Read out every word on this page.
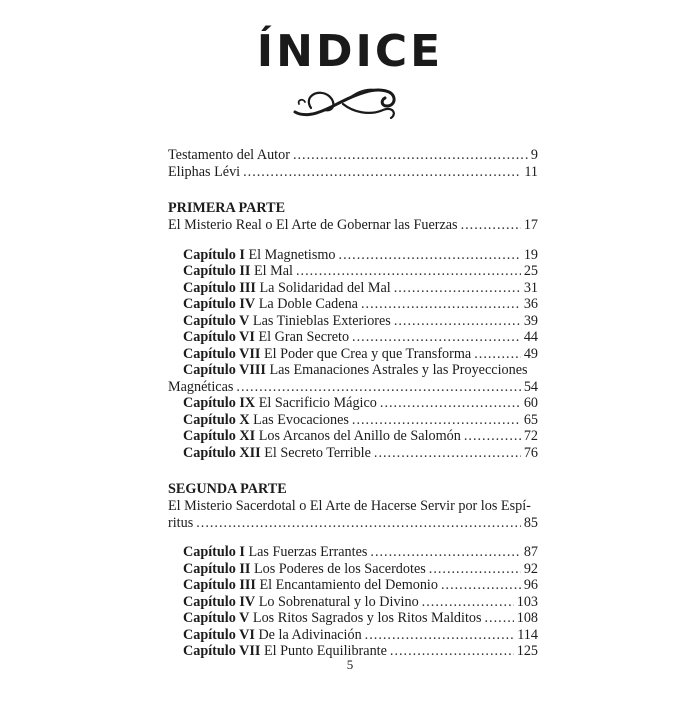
ÍNDICE
Testamento del Autor .....	9
Eliphas Lévi .....	11
PRIMERA PARTE
El Misterio Real o El Arte de Gobernar las Fuerzas .....	17
Capítulo I El Magnetismo .....	19
Capítulo II El Mal .....	25
Capítulo III La Solidaridad del Mal .....	31
Capítulo IV La Doble Cadena .....	36
Capítulo V Las Tinieblas Exteriores .....	39
Capítulo VI El Gran Secreto .....	44
Capítulo VII El Poder que Crea y que Transforma .....	49
Capítulo VIII Las Emanaciones Astrales y las Proyecciones
Magnéticas .....	54
Capítulo IX El Sacrificio Mágico .....	60
Capítulo X Las Evocaciones .....	65
Capítulo XI Los Arcanos del Anillo de Salomón .....	72
Capítulo XII El Secreto Terrible .....	76
SEGUNDA PARTE
El Misterio Sacerdotal o El Arte de Hacerse Servir por los Espí-
ritus .....	85
Capítulo I Las Fuerzas Errantes .....	87
Capítulo II Los Poderes de los Sacerdotes .....	92
Capítulo III El Encantamiento del Demonio .....	96
Capítulo IV Lo Sobrenatural y lo Divino .....	103
Capítulo V Los Ritos Sagrados y los Ritos Malditos ..... 108
Capítulo VI De la Adivinación .....	114
Capítulo VII El Punto Equilibrante .....	125
5
